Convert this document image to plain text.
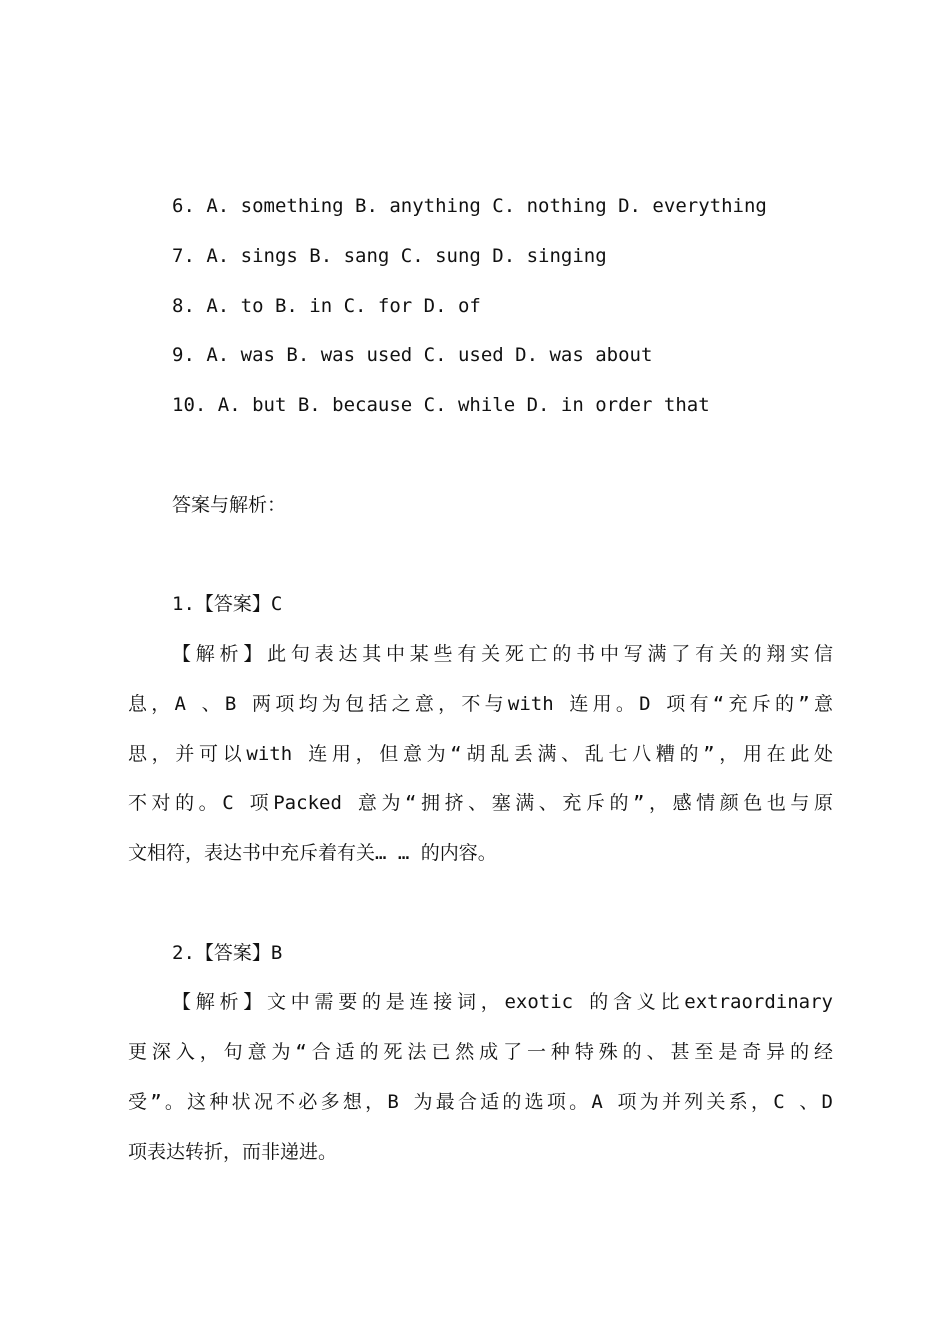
6. A. something B. anything C. nothing D. everything
7. A. sings B. sang C. sung D. singing
8. A. to B. in C. for D. of
9. A. was B. was used C. used D. was about
10. A. but B. because C. while D. in order that
答案与解析：
1.【答案】C
【解析】此句表达其中某些有关死亡的书中写满了有关的翔实信
息，A 、B 两项均为包括之意，不与with 连用。D 项有“充斥的”意
思，并可以with 连用，但意为“胡乱丢满、乱七八糟的”，用在此处
不对的。C 项Packed 意为“拥挤、塞满、充斥的”，感情颜色也与原
文相符，表达书中充斥着有关… … 的内容。
2.【答案】B
【解析】文中需要的是连接词，exotic 的含义比extraordinary
更深入，句意为“合适的死法已然成了一种特殊的、甚至是奇异的经
受”。这种状况不必多想，B 为最合适的选项。A 项为并列关系，C 、D
项表达转折，而非递进。
